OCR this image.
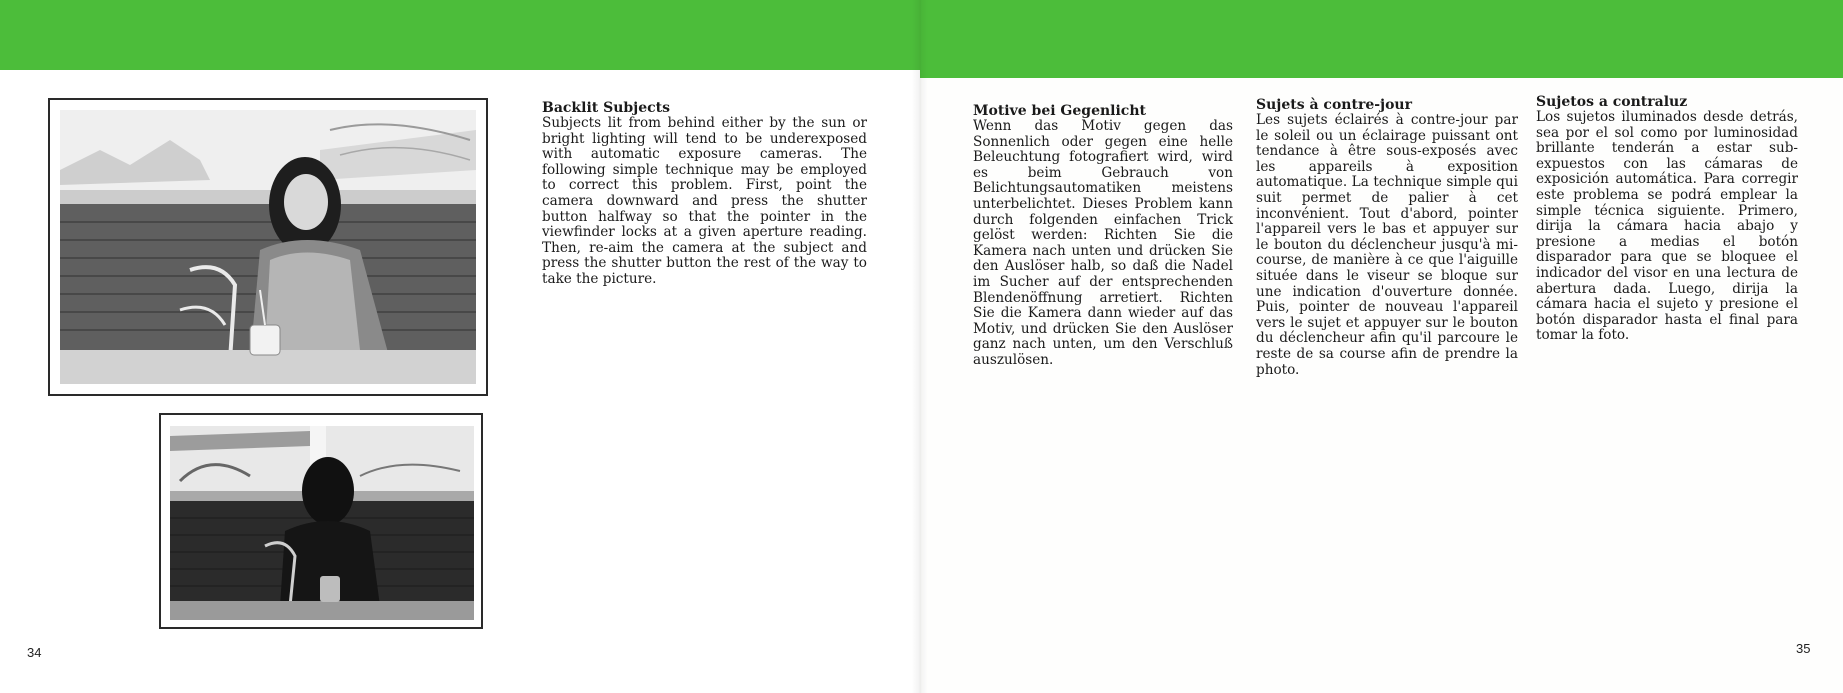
Backlit Subjects

Subjects lit from behind either by the sun or bright lighting will tend to be underexposed with automatic exposure cameras. The following simple technique may be employed to correct this problem. First, point the camera downward and press the shutter button halfway so that the pointer in the viewfinder locks at a given aperture reading. Then, re-aim the camera at the subject and press the shutter button the rest of the way to take the picture.

34
Motive bei Gegenlicht

Wenn das Motiv gegen das Sonnenlich oder gegen eine helle Beleuchtung fotografiert wird, wird es beim Gebrauch von Belichtungsautomatiken meistens unterbelichtet. Dieses Problem kann durch folgenden einfachen Trick gelöst werden: Richten Sie die Kamera nach unten und drücken Sie den Auslöser halb, so daß die Nadel im Sucher auf der entsprechenden Blendenöffnung arretiert. Richten Sie die Kamera dann wieder auf das Motiv, und drücken Sie den Auslöser ganz nach unten, um den Verschluß auszulösen.

Sujets à contre-jour

Les sujets éclairés à contre-jour par le soleil ou un éclairage puissant ont tendance à être sous-exposés avec les appareils à exposition automatique. La technique simple qui suit permet de palier à cet inconvénient. Tout d'abord, pointer l'appareil vers le bas et appuyer sur le bouton du déclencheur jusqu'à mi-course, de manière à ce que l'aiguille située dans le viseur se bloque sur une indication d'ouverture donnée. Puis, pointer de nouveau l'appareil vers le sujet et appuyer sur le bouton du déclencheur afin qu'il parcoure le reste de sa course afin de prendre la photo.

Sujetos a contraluz

Los sujetos iluminados desde detrás, sea por el sol como por luminosidad brillante tenderán a estar sub-expuestos con las cámaras de exposición automática. Para corregir este problema se podrá emplear la simple técnica siguiente. Primero, dirija la cámara hacia abajo y presione a medias el botón disparador para que se bloquee el indicador del visor en una lectura de abertura dada. Luego, dirija la cámara hacia el sujeto y presione el botón disparador hasta el final para tomar la foto.

35
